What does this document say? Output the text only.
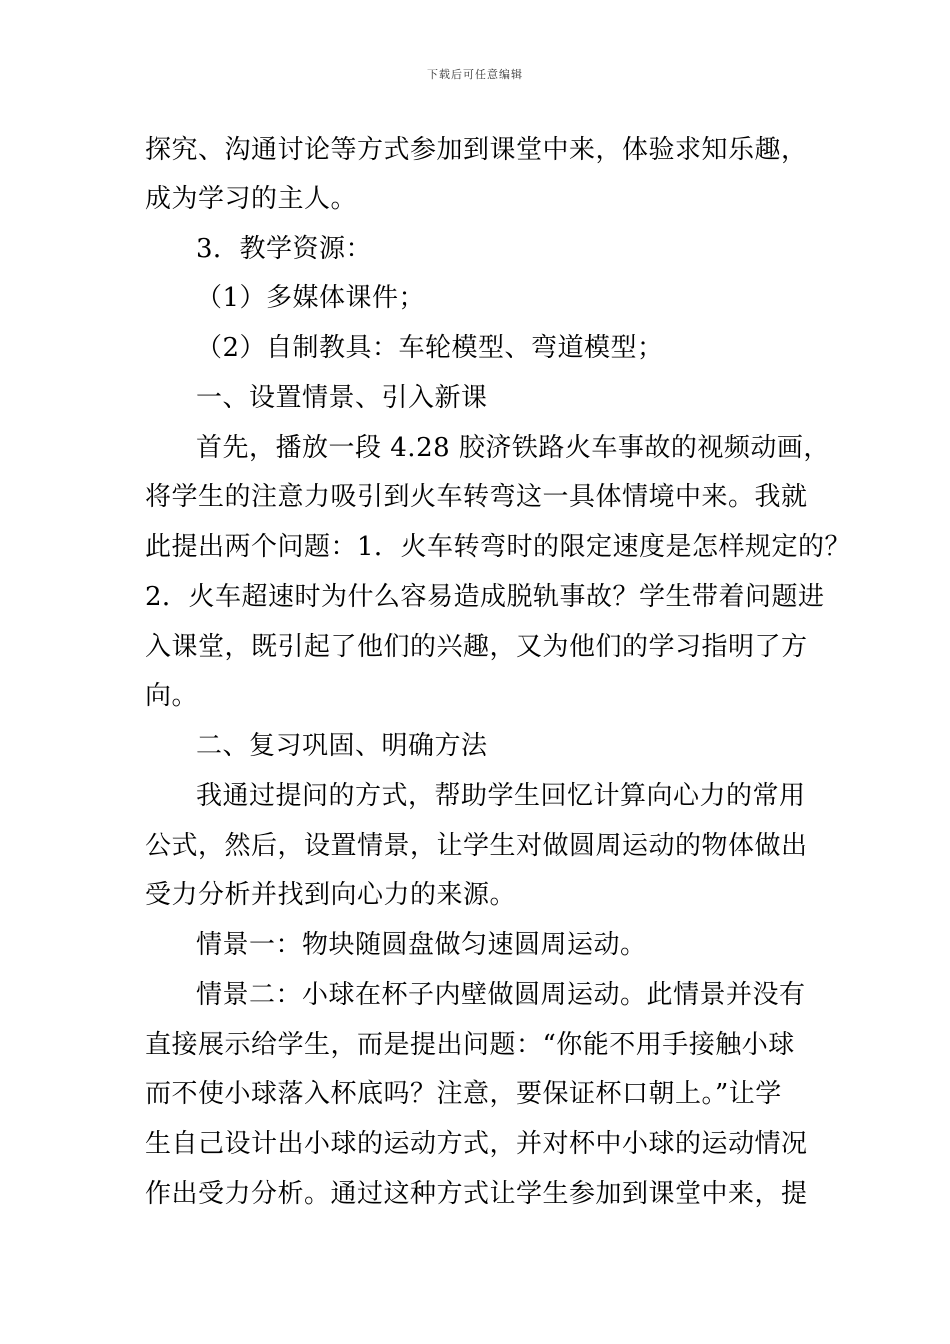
下载后可任意编辑
探究、沟通讨论等方式参加到课堂中来，体验求知乐趣，
成为学习的主人。
3．教学资源：
（1）多媒体课件；
（2）自制教具：车轮模型、弯道模型；
一、设置情景、引入新课
首先，播放一段 4.28 胶济铁路火车事故的视频动画，
将学生的注意力吸引到火车转弯这一具体情境中来。我就
此提出两个问题：1．火车转弯时的限定速度是怎样规定的？
2．火车超速时为什么容易造成脱轨事故？学生带着问题进
入课堂，既引起了他们的兴趣，又为他们的学习指明了方
向。
二、复习巩固、明确方法
我通过提问的方式，帮助学生回忆计算向心力的常用
公式，然后，设置情景，让学生对做圆周运动的物体做出
受力分析并找到向心力的来源。
情景一：物块随圆盘做匀速圆周运动。
情景二：小球在杯子内壁做圆周运动。此情景并没有
直接展示给学生，而是提出问题：“你能不用手接触小球
而不使小球落入杯底吗？注意，要保证杯口朝上。”让学
生自己设计出小球的运动方式，并对杯中小球的运动情况
作出受力分析。通过这种方式让学生参加到课堂中来，提
